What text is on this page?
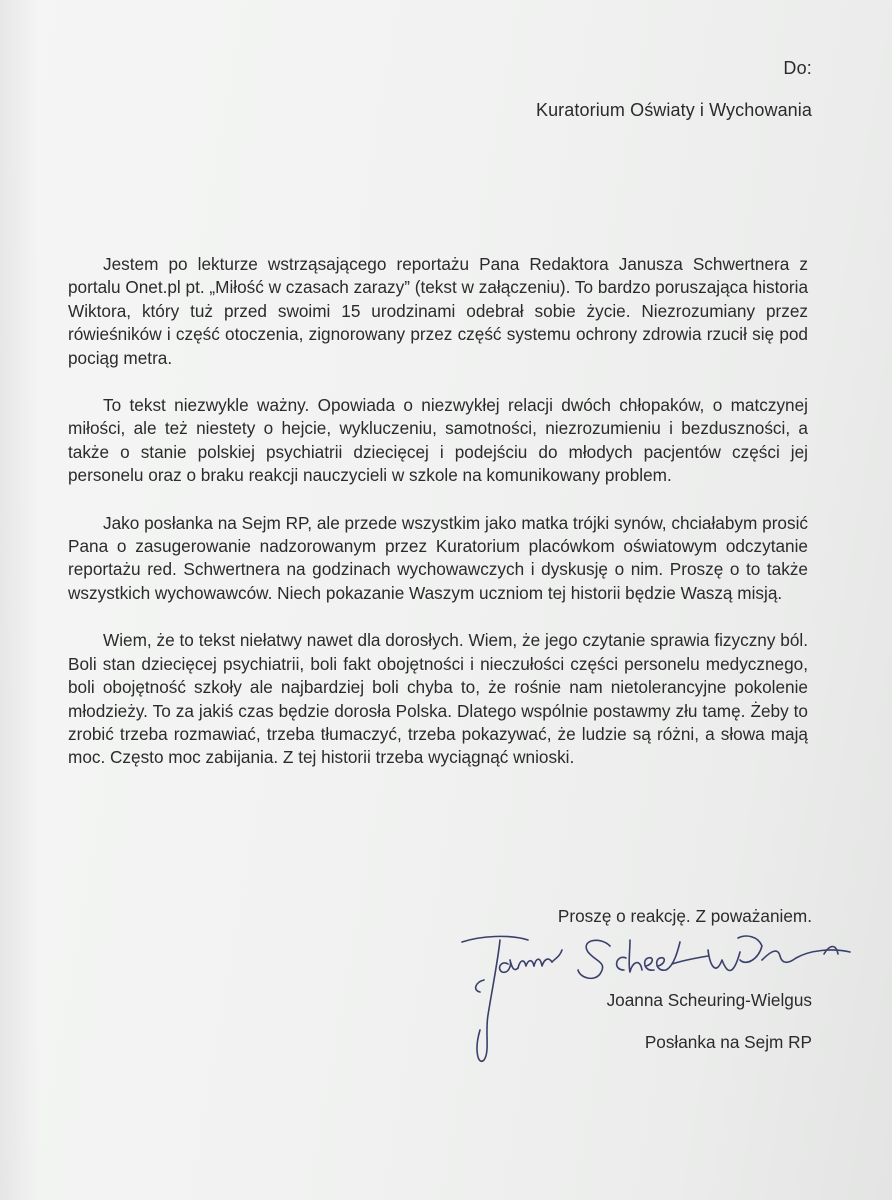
Do:
Kuratorium Oświaty i Wychowania

Jestem po lekturze wstrząsającego reportażu Pana Redaktora Janusza Schwertnera z portalu Onet.pl pt. „Miłość w czasach zarazy” (tekst w załączeniu). To bardzo poruszająca historia Wiktora, który tuż przed swoimi 15 urodzinami odebrał sobie życie. Niezrozumiany przez rówieśników i część otoczenia, zignorowany przez część systemu ochrony zdrowia rzucił się pod pociąg metra.

To tekst niezwykle ważny. Opowiada o niezwykłej relacji dwóch chłopaków, o matczynej miłości, ale też niestety o hejcie, wykluczeniu, samotności, niezrozumieniu i bezduszności, a także o stanie polskiej psychiatrii dziecięcej i podejściu do młodych pacjentów części jej personelu oraz o braku reakcji nauczycieli w szkole na komunikowany problem.

Jako posłanka na Sejm RP, ale przede wszystkim jako matka trójki synów, chciałabym prosić Pana o zasugerowanie nadzorowanym przez Kuratorium placówkom oświatowym odczytanie reportażu red. Schwertnera na godzinach wychowawczych i dyskusję o nim. Proszę o to także wszystkich wychowawców. Niech pokazanie Waszym uczniom tej historii będzie Waszą misją.

Wiem, że to tekst niełatwy nawet dla dorosłych. Wiem, że jego czytanie sprawia fizyczny ból. Boli stan dziecięcej psychiatrii, boli fakt obojętności i nieczułości części personelu medycznego, boli obojętność szkoły ale najbardziej boli chyba to, że rośnie nam nietolerancyjne pokolenie młodzieży. To za jakiś czas będzie dorosła Polska. Dlatego wspólnie postawmy złu tamę. Żeby to zrobić trzeba rozmawiać, trzeba tłumaczyć, trzeba pokazywać, że ludzie są różni, a słowa mają moc. Często moc zabijania. Z tej historii trzeba wyciągnąć wnioski.

Proszę o reakcję. Z poważaniem.
Joanna Scheuring-Wielgus
Posłanka na Sejm RP
